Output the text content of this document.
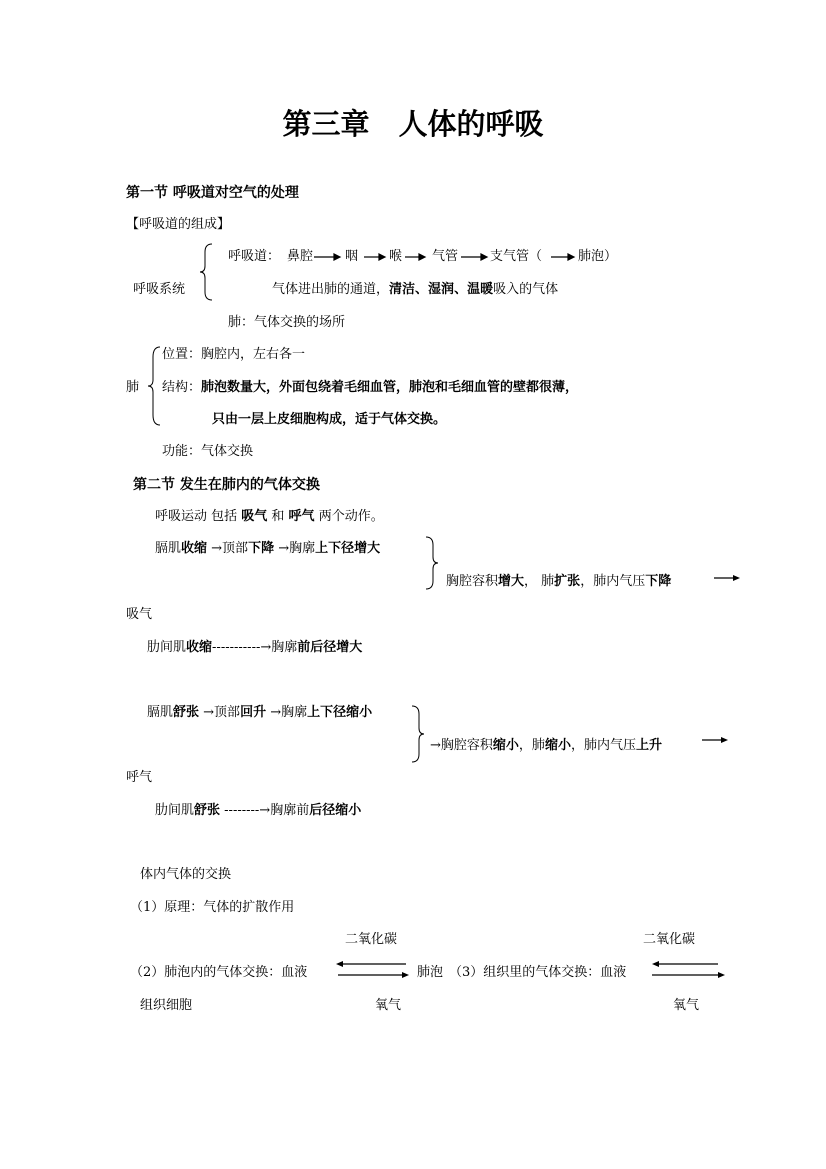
第三章　人体的呼吸
第一节 呼吸道对空气的处理
【呼吸道的组成】
呼吸系统
呼吸道： 鼻腔 咽 喉 气管 支气管（	肺泡）
气体进出肺的通道，清洁、湿润、温暖吸入的气体
肺：气体交换的场所
肺
位置：胸腔内，左右各一
结构：肺泡数量大，外面包绕着毛细血管，肺泡和毛细血管的壁都很薄，
只由一层上皮细胞构成，适于气体交换。
功能：气体交换
第二节 发生在肺内的气体交换
呼吸运动 包括 吸气 和 呼气 两个动作。
膈肌收缩 →顶部下降 →胸廓上下径增大
胸腔容积增大， 肺扩张，肺内气压下降
吸气
肋间肌收缩-----------→胸廓前后径增大
膈肌舒张 →顶部回升 →胸廓上下径缩小
→胸腔容积缩小，肺缩小，肺内气压上升
呼气
肋间肌舒张 --------→胸廓前后径缩小
体内气体的交换
（1）原理：气体的扩散作用
二氧化碳	二氧化碳
（2）肺泡内的气体交换：血液	肺泡 （3）组织里的气体交换：血液
组织细胞	氧气	氧气
